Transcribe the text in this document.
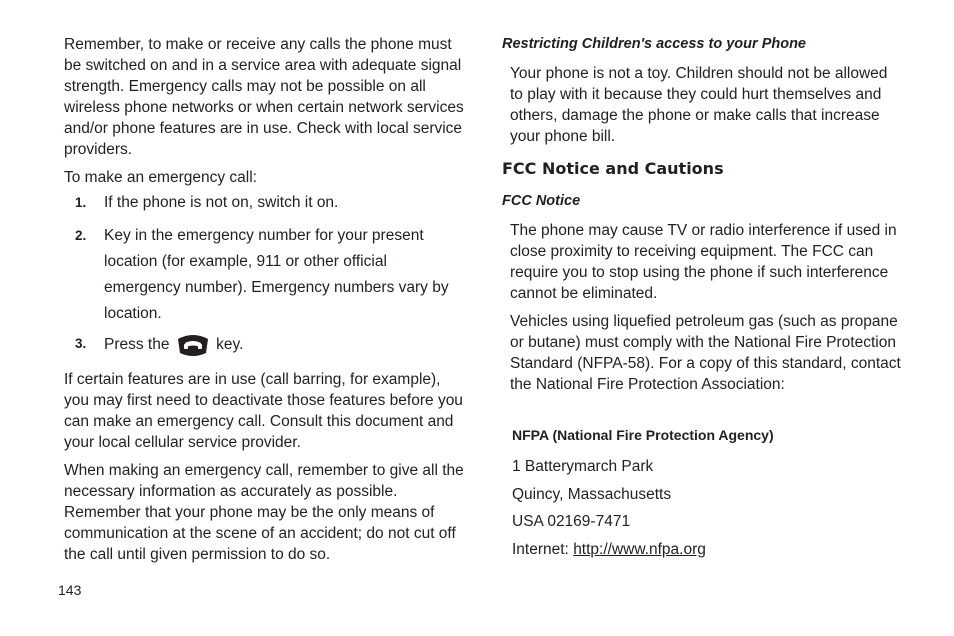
Remember, to make or receive any calls the phone must be switched on and in a service area with adequate signal strength. Emergency calls may not be possible on all wireless phone networks or when certain network services and/or phone features are in use. Check with local service providers.

To make an emergency call:

1. If the phone is not on, switch it on.
2. Key in the emergency number for your present location (for example, 911 or other official emergency number). Emergency numbers vary by location.
3. Press the	key.

If certain features are in use (call barring, for example), you may first need to deactivate those features before you can make an emergency call. Consult this document and your local cellular service provider.

When making an emergency call, remember to give all the necessary information as accurately as possible. Remember that your phone may be the only means of communication at the scene of an accident; do not cut off the call until given permission to do so.

Restricting Children's access to your Phone

Your phone is not a toy. Children should not be allowed to play with it because they could hurt themselves and others, damage the phone or make calls that increase your phone bill.

FCC Notice and Cautions

FCC Notice

The phone may cause TV or radio interference if used in close proximity to receiving equipment. The FCC can require you to stop using the phone if such interference cannot be eliminated.

Vehicles using liquefied petroleum gas (such as propane or butane) must comply with the National Fire Protection Standard (NFPA-58). For a copy of this standard, contact the National Fire Protection Association:

NFPA (National Fire Protection Agency)

1 Batterymarch Park

Quincy, Massachusetts

USA 02169-7471

Internet: http://www.nfpa.org

143
